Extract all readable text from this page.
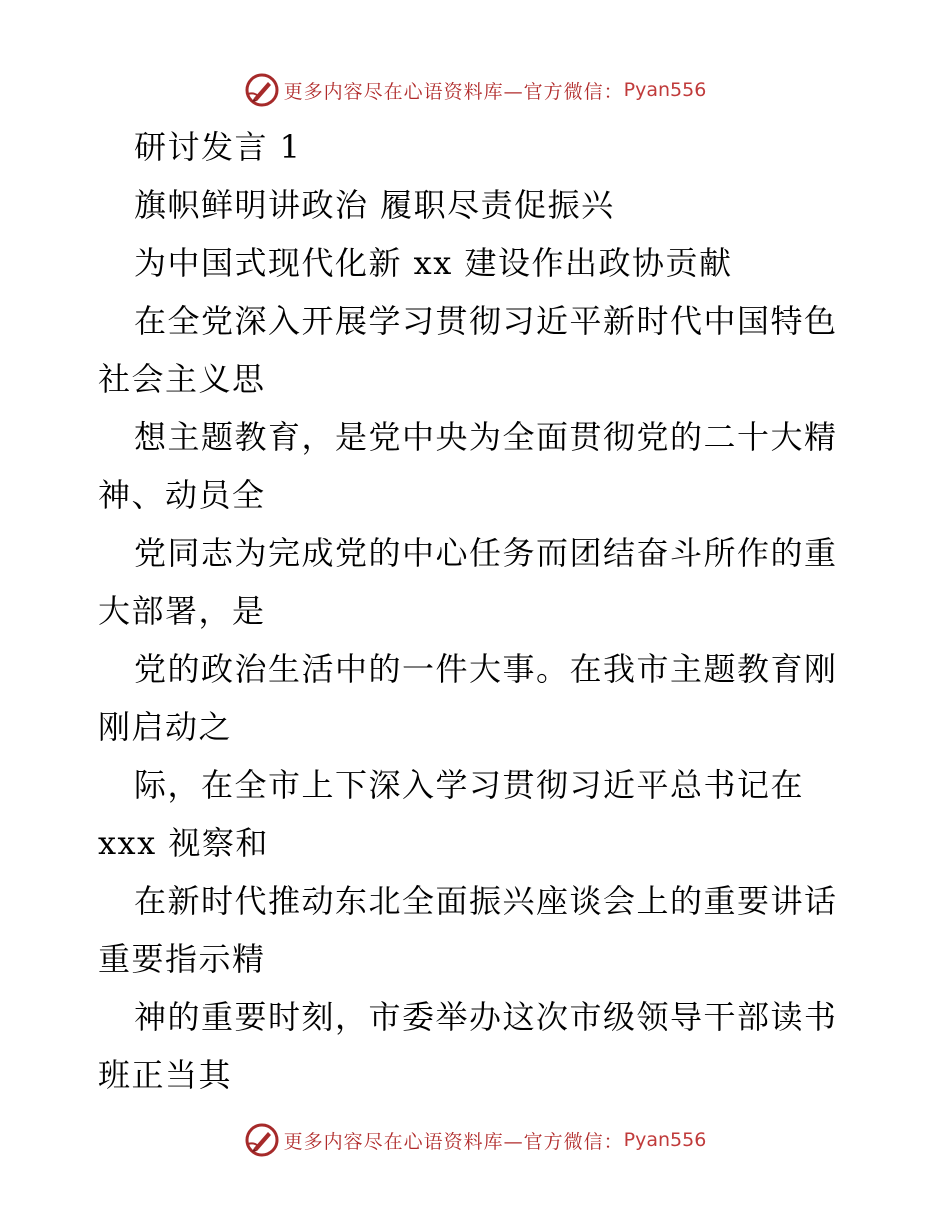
更多内容尽在心语资料库—官方微信： Pyan556
研讨发言 1
旗帜鲜明讲政治 履职尽责促振兴
为中国式现代化新 xx 建设作出政协贡献
在全党深入开展学习贯彻习近平新时代中国特色
社会主义思
想主题教育，是党中央为全面贯彻党的二十大精
神、动员全
党同志为完成党的中心任务而团结奋斗所作的重
大部署，是
党的政治生活中的一件大事。在我市主题教育刚
刚启动之
际，在全市上下深入学习贯彻习近平总书记在
xxx 视察和
在新时代推动东北全面振兴座谈会上的重要讲话
重要指示精
神的重要时刻，市委举办这次市级领导干部读书
班正当其
更多内容尽在心语资料库—官方微信： Pyan556
